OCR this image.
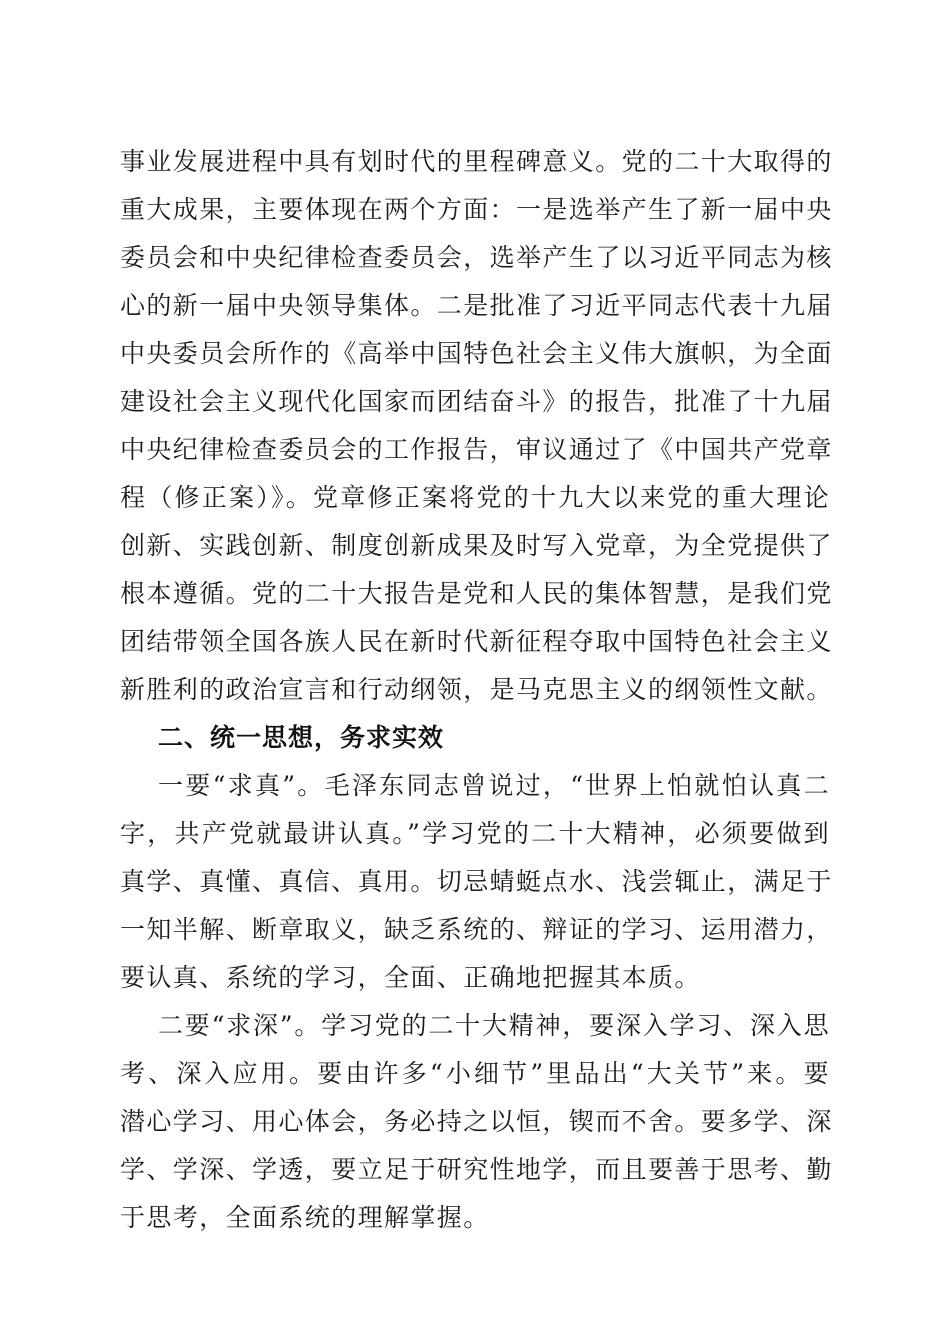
事业发展进程中具有划时代的里程碑意义。党的二十大取得的
重大成果，主要体现在两个方面：一是选举产生了新一届中央
委员会和中央纪律检查委员会，选举产生了以习近平同志为核
心的新一届中央领导集体。二是批准了习近平同志代表十九届
中央委员会所作的《高举中国特色社会主义伟大旗帜，为全面
建设社会主义现代化国家而团结奋斗》的报告，批准了十九届
中央纪律检查委员会的工作报告，审议通过了《中国共产党章
程（修正案）》。党章修正案将党的十九大以来党的重大理论
创新、实践创新、制度创新成果及时写入党章，为全党提供了
根本遵循。党的二十大报告是党和人民的集体智慧，是我们党
团结带领全国各族人民在新时代新征程夺取中国特色社会主义
新胜利的政治宣言和行动纲领，是马克思主义的纲领性文献。
二、统一思想，务求实效
一要“求真”。毛泽东同志曾说过，“世界上怕就怕认真二
字，共产党就最讲认真。”学习党的二十大精神，必须要做到
真学、真懂、真信、真用。切忌蜻蜓点水、浅尝辄止，满足于
一知半解、断章取义，缺乏系统的、辩证的学习、运用潜力，
要认真、系统的学习，全面、正确地把握其本质。
二要“求深”。学习党的二十大精神，要深入学习、深入思
考、深入应用。要由许多“小细节”里品出“大关节”来。要
潜心学习、用心体会，务必持之以恒，锲而不舍。要多学、深
学、学深、学透，要立足于研究性地学，而且要善于思考、勤
于思考，全面系统的理解掌握。
